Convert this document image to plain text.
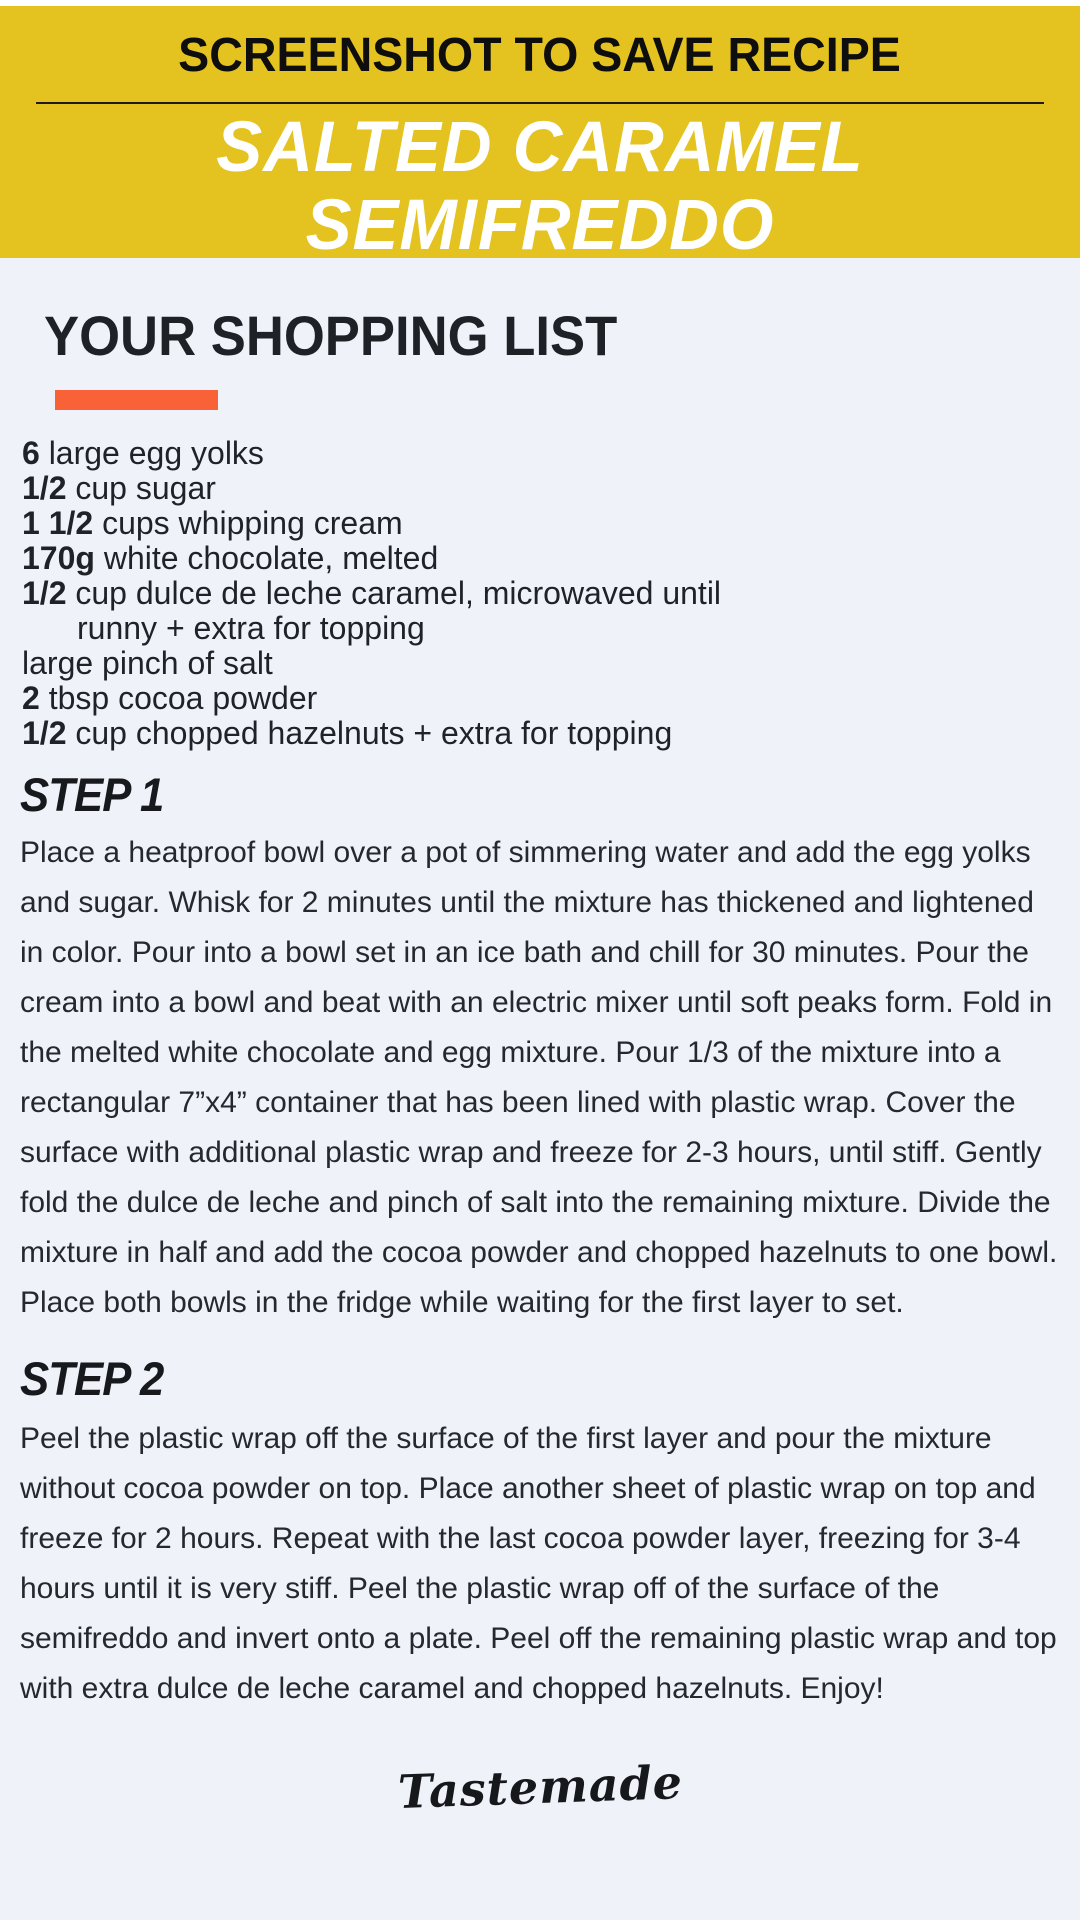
SCREENSHOT TO SAVE RECIPE
SALTED CARAMEL
SEMIFREDDO
YOUR SHOPPING LIST
6 large egg yolks
1/2 cup sugar
1 1/2 cups whipping cream
170g white chocolate, melted
1/2 cup dulce de leche caramel, microwaved until
runny + extra for topping
large pinch of salt
2 tbsp cocoa powder
1/2 cup chopped hazelnuts + extra for topping
STEP 1

Place a heatproof bowl over a pot of simmering water and add the egg yolks and sugar. Whisk for 2 minutes until the mixture has thickened and lightened in color. Pour into a bowl set in an ice bath and chill for 30 minutes. Pour the cream into a bowl and beat with an electric mixer until soft peaks form. Fold in the melted white chocolate and egg mixture. Pour 1/3 of the mixture into a rectangular 7”x4” container that has been lined with plastic wrap. Cover the surface with additional plastic wrap and freeze for 2-3 hours, until stiff. Gently fold the dulce de leche and pinch of salt into the remaining mixture. Divide the mixture in half and add the cocoa powder and chopped hazelnuts to one bowl. Place both bowls in the fridge while waiting for the first layer to set.

STEP 2

Peel the plastic wrap off the surface of the first layer and pour the mixture without cocoa powder on top. Place another sheet of plastic wrap on top and freeze for 2 hours. Repeat with the last cocoa powder layer, freezing for 3-4 hours until it is very stiff. Peel the plastic wrap off of the surface of the semifreddo and invert onto a plate. Peel off the remaining plastic wrap and top with extra dulce de leche caramel and chopped hazelnuts. Enjoy!

Tastemade
